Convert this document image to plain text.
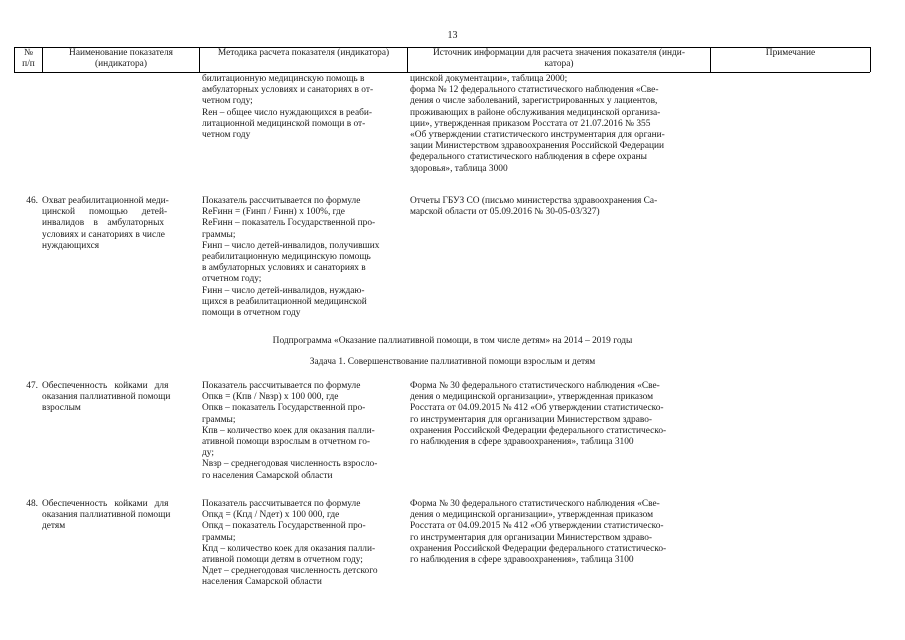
13
№
п/п
Наименование показателя
(индикатора)
Методика расчета показателя (индикатора)	Источник информации для расчета значения показателя (инди-
катора)
Примечание
билитационную медицинскую помощь в
амбулаторных условиях и санаториях в от-
четном году;
Reн – общее число нуждающихся в реаби-
литационной медицинской помощи в от-
четном году
цинской документации», таблица 2000;
форма № 12 федерального статистического наблюдения «Све-
дения о числе заболеваний, зарегистрированных у лациентов,
проживающих в районе обслуживания медицинской организа-
ции», утвержденная приказом Росстата от 21.07.2016 № 355
«Об утверждении статистического инструментария для органи-
зации Министерством здравоохранения Российской Федерации
федерального статистического наблюдения в сфере охраны
здоровья», таблица 3000
46. Охват реабилитационной меди-
цинской      помощью      детей-
инвалидов    в    амбулаторных
условиях и санаториях в числе
нуждающихся
Показатель рассчитывается по формуле
ReFинн = (Fинп / Fинн) x 100%, где
ReFинн – показатель Государственной про-
граммы;
Fинп – число детей-инвалидов, получивших
реабилитационную медицинскую помощь
в амбулаторных условиях и санаториях в
отчетном году;
Fинн – число детей-инвалидов, нуждаю-
щихся в реабилитационной медицинской
помощи в отчетном году
Отчеты ГБУЗ СО (письмо министерства здравоохранения Са-
марской области от 05.09.2016 № 30-05-03/327)
Подпрограмма «Оказание паллиативной помощи, в том числе детям» на 2014 – 2019 годы
Задача 1. Совершенствование паллиативной помощи взрослым и детям
47. Обеспеченность   койками   для
оказания паллиативной помощи
взрослым
Показатель рассчитывается по формуле
Опкв = (Кпв / Nвзр) x 100 000, где
Опкв – показатель Государственной про-
граммы;
Кпв – количество коек для оказания палли-
ативной помощи взрослым в отчетном го-
ду;
Nвзр – среднегодовая численность взросло-
го населения Самарской области
Форма № 30 федерального статистического наблюдения «Све-
дения о медицинской организации», утвержденная приказом
Росстата от 04.09.2015 № 412 «Об утверждении статистическо-
го инструментария для организации Министерством здраво-
охранения Российской Федерации федерального статистическо-
го наблюдения в сфере здравоохранения», таблица 3100
48. Обеспеченность   койками   для
оказания паллиативной помощи
детям
Показатель рассчитывается по формуле
Опкд = (Кпд / Nдет) x 100 000, где
Опкд – показатель Государственной про-
граммы;
Кпд – количество коек для оказания палли-
ативной помощи детям в отчетном году;
Nдет – среднегодовая численность детского
населения Самарской области
Форма № 30 федерального статистического наблюдения «Све-
дения о медицинской организации», утвержденная приказом
Росстата от 04.09.2015 № 412 «Об утверждении статистическо-
го инструментария для организации Министерством здраво-
охранения Российской Федерации федерального статистическо-
го наблюдения в сфере здравоохранения», таблица 3100
